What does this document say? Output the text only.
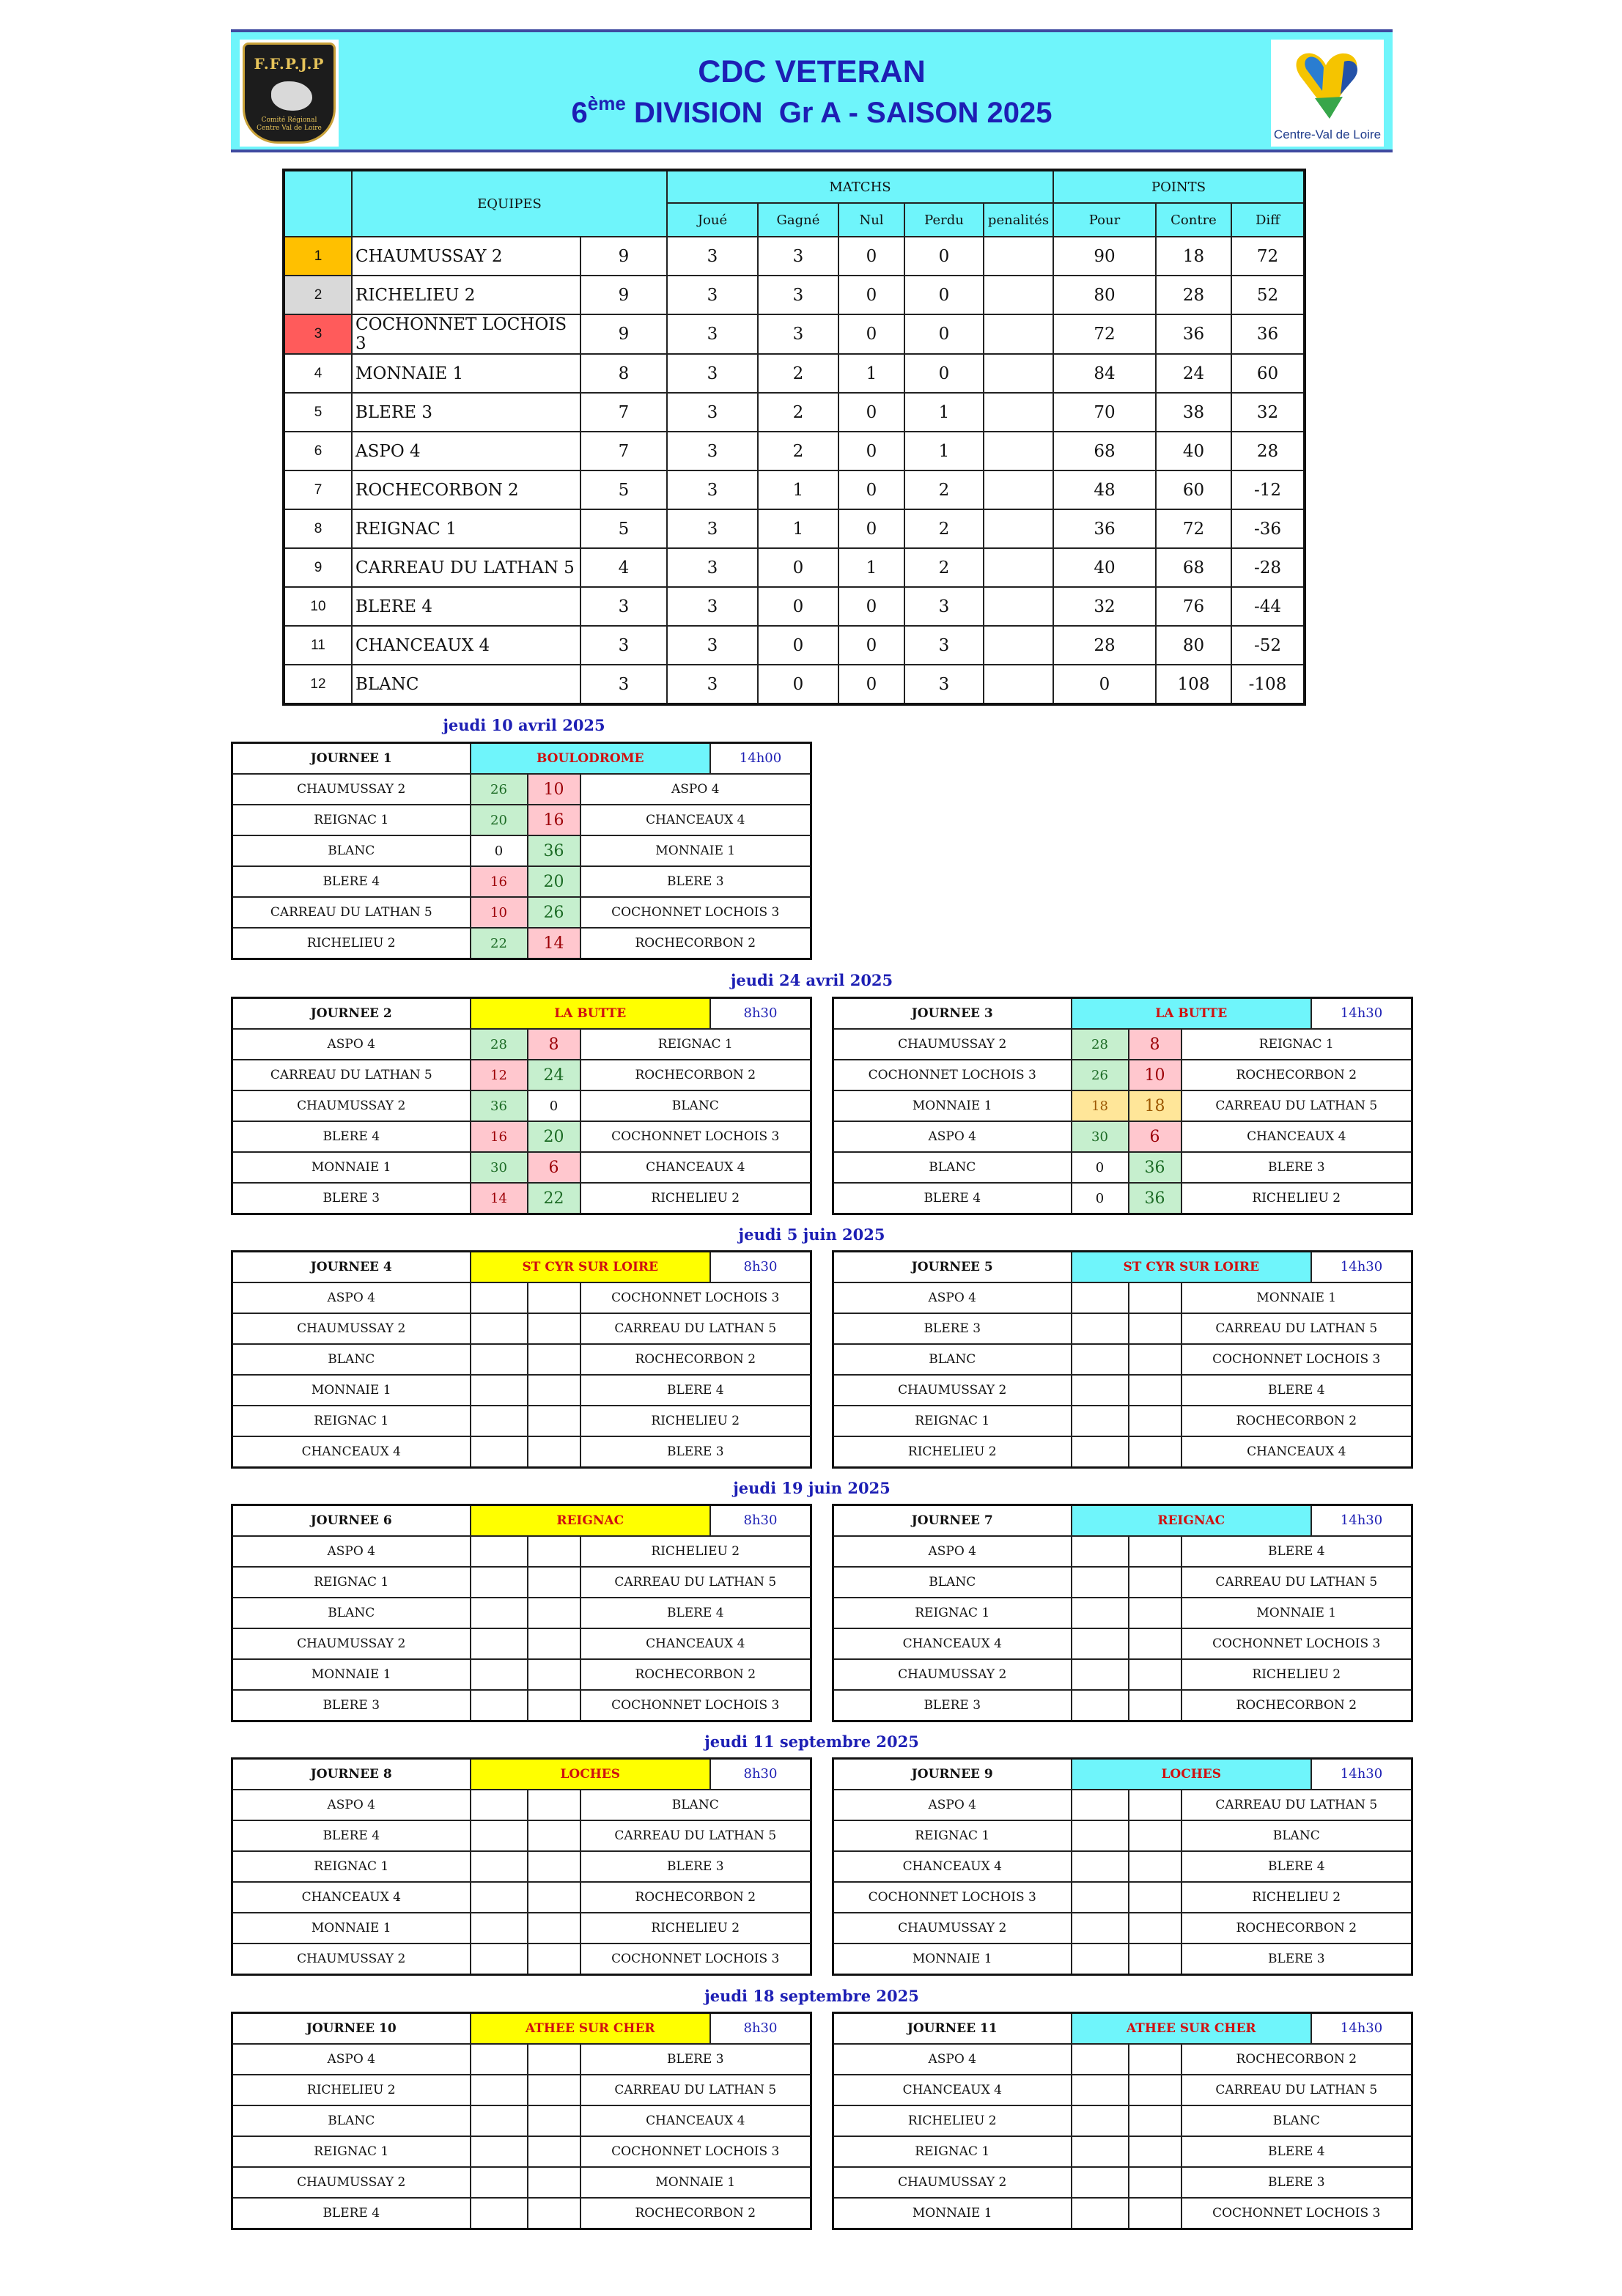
F.F.P.J.P
Comité Régional
Centre Val de Loire
CDC VETERAN
6ème DIVISION  Gr A - SAISON 2025
Centre-Val de Loire
	EQUIPES		MATCHS					POINTS		
			Joué	Gagné	Nul	Perdu	penalités	Pour	Contre	Diff
1	CHAUMUSSAY 2	9	3	3	0	0		90	18	72
2	RICHELIEU 2	9	3	3	0	0		80	28	52
3	COCHONNET LOCHOIS 3	9	3	3	0	0		72	36	36
4	MONNAIE 1	8	3	2	1	0		84	24	60
5	BLERE 3	7	3	2	0	1		70	38	32
6	ASPO 4	7	3	2	0	1		68	40	28
7	ROCHECORBON 2	5	3	1	0	2		48	60	-12
8	REIGNAC 1	5	3	1	0	2		36	72	-36
9	CARREAU DU LATHAN 5	4	3	0	1	2		40	68	-28
10	BLERE 4	3	3	0	0	3		32	76	-44
11	CHANCEAUX 4	3	3	0	0	3		28	80	-52
12	BLANC	3	3	0	0	3		0	108	-108
jeudi 10 avril 2025
jeudi 24 avril 2025
jeudi 5 juin 2025
jeudi 19 juin 2025
jeudi 11 septembre 2025
jeudi 18 septembre 2025
JOURNEE 1	BOULODROME 14h00		

CHAUMUSSAY 2	26	10	ASPO 4
REIGNAC 1	20	16	CHANCEAUX 4
BLANC	0	36	MONNAIE 1
BLERE 4	16	20	BLERE 3
CARREAU DU LATHAN 5	10	26	COCHONNET LOCHOIS 3
RICHELIEU 2	22	14	ROCHECORBON 2
JOURNEE 2	LA BUTTE 8h30		

ASPO 4	28	8	REIGNAC 1
CARREAU DU LATHAN 5	12	24	ROCHECORBON 2
CHAUMUSSAY 2	36	0	BLANC
BLERE 4	16	20	COCHONNET LOCHOIS 3
MONNAIE 1	30	6	CHANCEAUX 4
BLERE 3	14	22	RICHELIEU 2
JOURNEE 3	LA BUTTE 14h30		

CHAUMUSSAY 2	28	8	REIGNAC 1
COCHONNET LOCHOIS 3	26	10	ROCHECORBON 2
MONNAIE 1	18	18	CARREAU DU LATHAN 5
ASPO 4	30	6	CHANCEAUX 4
BLANC	0	36	BLERE 3
BLERE 4	0	36	RICHELIEU 2
JOURNEE 4	ST CYR SUR LOIRE 8h30		

ASPO 4			COCHONNET LOCHOIS 3
CHAUMUSSAY 2			CARREAU DU LATHAN 5
BLANC			ROCHECORBON 2
MONNAIE 1			BLERE 4
REIGNAC 1			RICHELIEU 2
CHANCEAUX 4			BLERE 3
JOURNEE 5	ST CYR SUR LOIRE 14h30		

ASPO 4			MONNAIE 1
BLERE 3			CARREAU DU LATHAN 5
BLANC			COCHONNET LOCHOIS 3
CHAUMUSSAY 2			BLERE 4
REIGNAC 1			ROCHECORBON 2
RICHELIEU 2			CHANCEAUX 4
JOURNEE 6	REIGNAC 8h30		

ASPO 4			RICHELIEU 2
REIGNAC 1			CARREAU DU LATHAN 5
BLANC			BLERE 4
CHAUMUSSAY 2			CHANCEAUX 4
MONNAIE 1			ROCHECORBON 2
BLERE 3			COCHONNET LOCHOIS 3
JOURNEE 7	REIGNAC 14h30		

ASPO 4			BLERE 4
BLANC			CARREAU DU LATHAN 5
REIGNAC 1			MONNAIE 1
CHANCEAUX 4			COCHONNET LOCHOIS 3
CHAUMUSSAY 2			RICHELIEU 2
BLERE 3			ROCHECORBON 2
JOURNEE 8	LOCHES 8h30		

ASPO 4			BLANC
BLERE 4			CARREAU DU LATHAN 5
REIGNAC 1			BLERE 3
CHANCEAUX 4			ROCHECORBON 2
MONNAIE 1			RICHELIEU 2
CHAUMUSSAY 2			COCHONNET LOCHOIS 3
JOURNEE 9	LOCHES 14h30		

ASPO 4			CARREAU DU LATHAN 5
REIGNAC 1			BLANC
CHANCEAUX 4			BLERE 4
COCHONNET LOCHOIS 3			RICHELIEU 2
CHAUMUSSAY 2			ROCHECORBON 2
MONNAIE 1			BLERE 3
JOURNEE 10	ATHEE SUR CHER 8h30		

ASPO 4			BLERE 3
RICHELIEU 2			CARREAU DU LATHAN 5
BLANC			CHANCEAUX 4
REIGNAC 1			COCHONNET LOCHOIS 3
CHAUMUSSAY 2			MONNAIE 1
BLERE 4			ROCHECORBON 2
JOURNEE 11	ATHEE SUR CHER 14h30		

ASPO 4			ROCHECORBON 2
CHANCEAUX 4			CARREAU DU LATHAN 5
RICHELIEU 2			BLANC
REIGNAC 1			BLERE 4
CHAUMUSSAY 2			BLERE 3
MONNAIE 1			COCHONNET LOCHOIS 3
